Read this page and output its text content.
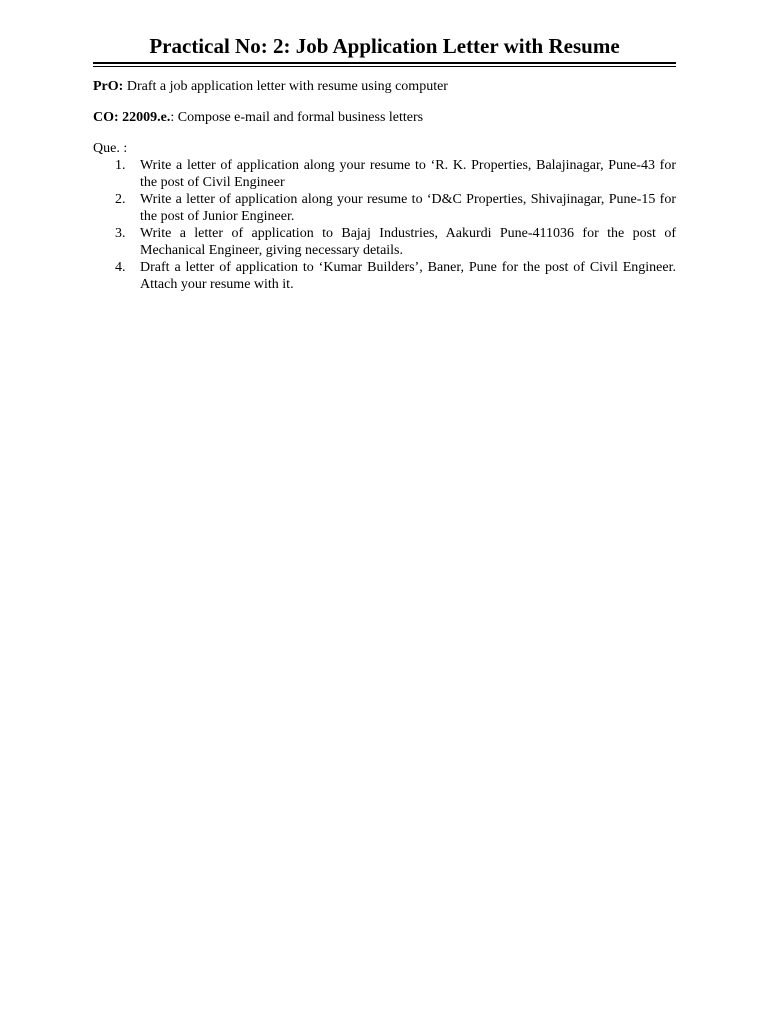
Practical No: 2: Job Application Letter with Resume
PrO: Draft a job application letter with resume using computer
CO: 22009.e.: Compose e-mail and formal business letters
Que. :
1. Write a letter of application along your resume to ‘R. K. Properties, Balajinagar, Pune-43 for the post of Civil Engineer
2. Write a letter of application along your resume to ‘D&C Properties, Shivajinagar, Pune-15 for the post of Junior Engineer.
3. Write a letter of application to Bajaj Industries, Aakurdi Pune-411036 for the post of Mechanical Engineer, giving necessary details.
4. Draft a letter of application to ‘Kumar Builders’, Baner, Pune for the post of Civil Engineer. Attach your resume with it.
